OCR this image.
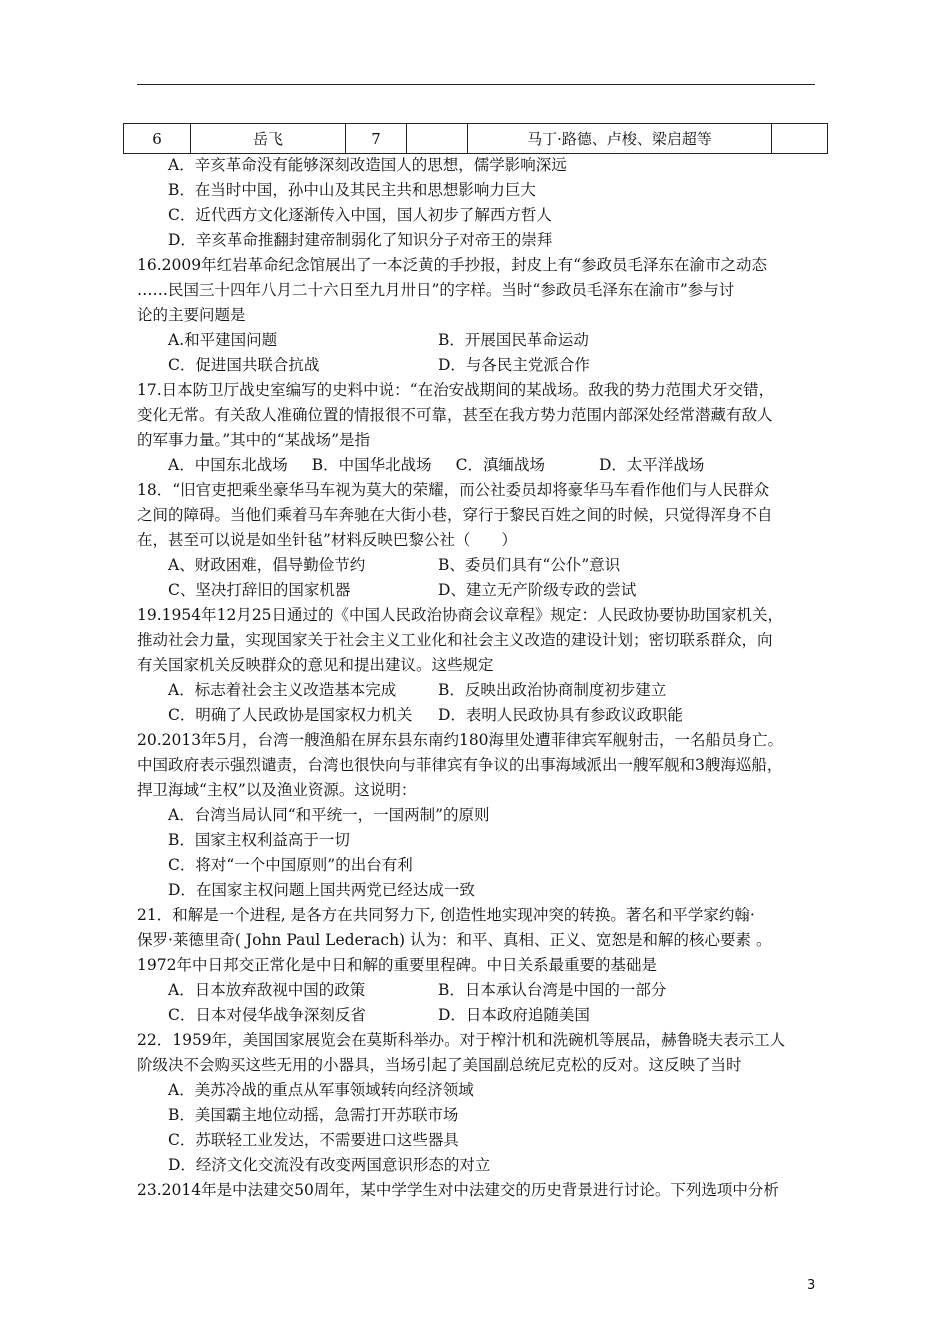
6	岳飞	7		马丁·路德、卢梭、梁启超等	
A．辛亥革命没有能够深刻改造国人的思想，儒学影响深远
B．在当时中国，孙中山及其民主共和思想影响力巨大
C．近代西方文化逐渐传入中国，国人初步了解西方哲人
D．辛亥革命推翻封建帝制弱化了知识分子对帝王的崇拜
16.2009年红岩革命纪念馆展出了一本泛黄的手抄报，封皮上有“参政员毛泽东在渝市之动态
……民国三十四年八月二十六日至九月卅日”的字样。当时“参政员毛泽东在渝市”参与讨
论的主要问题是
A.和平建国问题	B．开展国民革命运动
C．促进国共联合抗战	D．与各民主党派合作
17.日本防卫厅战史室编写的史料中说：“在治安战期间的某战场。敌我的势力范围犬牙交错，
变化无常。有关敌人准确位置的情报很不可靠，甚至在我方势力范围内部深处经常潜藏有敌人
的军事力量。”其中的“某战场”是指
A．中国东北战场 B．中国华北战场 C．滇缅战场	D．太平洋战场
18．“旧官吏把乘坐豪华马车视为莫大的荣耀，而公社委员却将豪华马车看作他们与人民群众
之间的障碍。当他们乘着马车奔驰在大街小巷，穿行于黎民百姓之间的时候，只觉得浑身不自
在，甚至可以说是如坐针毡”材料反映巴黎公社（　　）
A、财政困难，倡导勤俭节约	B、委员们具有“公仆”意识
C、坚决打辞旧的国家机器	D、建立无产阶级专政的尝试
19.1954年12月25日通过的《中国人民政治协商会议章程》规定：人民政协要协助国家机关，
推动社会力量，实现国家关于社会主义工业化和社会主义改造的建设计划；密切联系群众，向
有关国家机关反映群众的意见和提出建议。这些规定
A．标志着社会主义改造基本完成	B．反映出政治协商制度初步建立
C．明确了人民政协是国家权力机关	D．表明人民政协具有参政议政职能
20.2013年5月，台湾一艘渔船在屏东县东南约180海里处遭菲律宾军舰射击，一名船员身亡。
中国政府表示强烈谴责，台湾也很快向与菲律宾有争议的出事海域派出一艘军舰和3艘海巡船，
捍卫海域“主权”以及渔业资源。这说明：
A．台湾当局认同“和平统一，一国两制”的原则
B．国家主权利益高于一切
C．将对“一个中国原则”的出台有利
D．在国家主权问题上国共两党已经达成一致
21．和解是一个进程, 是各方在共同努力下, 创造性地实现冲突的转换。著名和平学家约翰·
保罗·莱德里奇( John Paul Lederach) 认为：和平、真相、正义、宽恕是和解的核心要素 。
1972年中日邦交正常化是中日和解的重要里程碑。中日关系最重要的基础是
A．日本放弃敌视中国的政策	B．日本承认台湾是中国的一部分
C．日本对侵华战争深刻反省	D．日本政府追随美国
22．1959年，美国国家展览会在莫斯科举办。对于榨汁机和洗碗机等展品，赫鲁晓夫表示工人
阶级决不会购买这些无用的小器具，当场引起了美国副总统尼克松的反对。这反映了当时
A．美苏冷战的重点从军事领域转向经济领域
B．美国霸主地位动摇，急需打开苏联市场
C．苏联轻工业发达，不需要进口这些器具
D．经济文化交流没有改变两国意识形态的对立
23.2014年是中法建交50周年，某中学学生对中法建交的历史背景进行讨论。下列选项中分析
3
